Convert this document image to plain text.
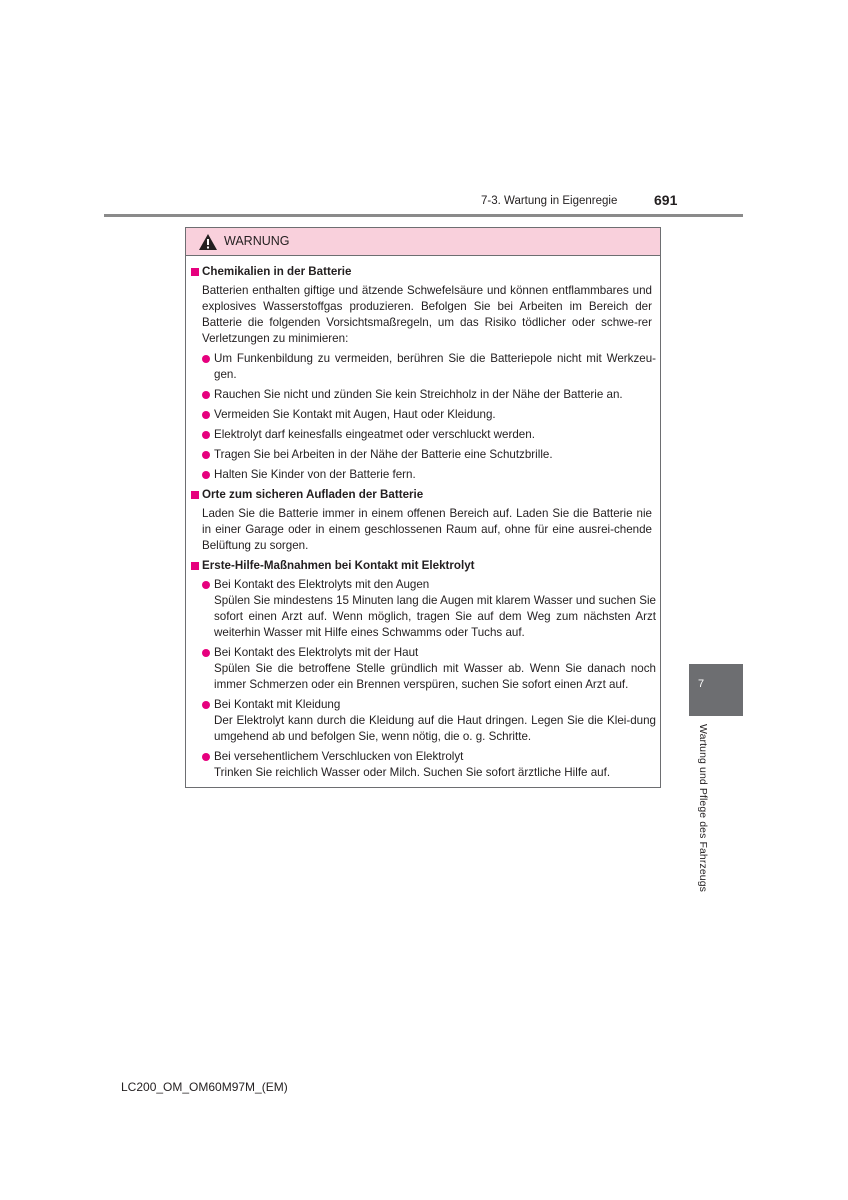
7-3. Wartung in Eigenregie	691
7
Wartung und Pflege des Fahrzeugs
WARNUNG
Chemikalien in der Batterie
Batterien enthalten giftige und ätzende Schwefelsäure und können entflammbares und explosives Wasserstoffgas produzieren. Befolgen Sie bei Arbeiten im Bereich der Batterie die folgenden Vorsichtsmaßregeln, um das Risiko tödlicher oder schwe-rer Verletzungen zu minimieren:
Um Funkenbildung zu vermeiden, berühren Sie die Batteriepole nicht mit Werkzeu-gen.
Rauchen Sie nicht und zünden Sie kein Streichholz in der Nähe der Batterie an.
Vermeiden Sie Kontakt mit Augen, Haut oder Kleidung.
Elektrolyt darf keinesfalls eingeatmet oder verschluckt werden.
Tragen Sie bei Arbeiten in der Nähe der Batterie eine Schutzbrille.
Halten Sie Kinder von der Batterie fern.
Orte zum sicheren Aufladen der Batterie
Laden Sie die Batterie immer in einem offenen Bereich auf. Laden Sie die Batterie nie in einer Garage oder in einem geschlossenen Raum auf, ohne für eine ausrei-chende Belüftung zu sorgen.
Erste-Hilfe-Maßnahmen bei Kontakt mit Elektrolyt
Bei Kontakt des Elektrolyts mit den Augen
Spülen Sie mindestens 15 Minuten lang die Augen mit klarem Wasser und suchen Sie sofort einen Arzt auf. Wenn möglich, tragen Sie auf dem Weg zum nächsten Arzt weiterhin Wasser mit Hilfe eines Schwamms oder Tuchs auf.
Bei Kontakt des Elektrolyts mit der Haut
Spülen Sie die betroffene Stelle gründlich mit Wasser ab. Wenn Sie danach noch immer Schmerzen oder ein Brennen verspüren, suchen Sie sofort einen Arzt auf.
Bei Kontakt mit Kleidung
Der Elektrolyt kann durch die Kleidung auf die Haut dringen. Legen Sie die Klei-dung umgehend ab und befolgen Sie, wenn nötig, die o. g. Schritte.
Bei versehentlichem Verschlucken von Elektrolyt
Trinken Sie reichlich Wasser oder Milch. Suchen Sie sofort ärztliche Hilfe auf.
LC200_OM_OM60M97M_(EM)
